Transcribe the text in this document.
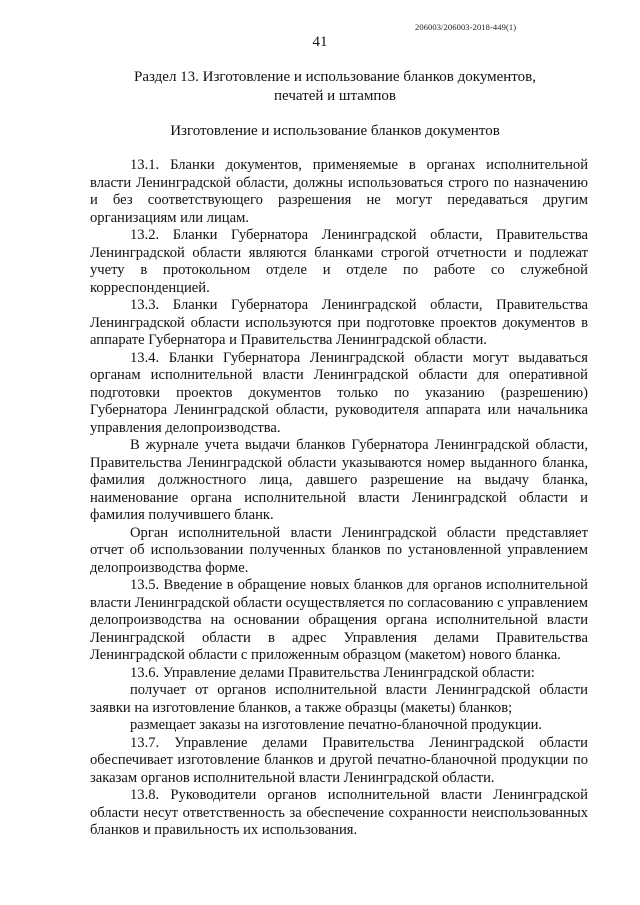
206003/206003-2018-449(1)
41
Раздел 13. Изготовление и использование бланков документов,
печатей и штампов
Изготовление и использование бланков документов

13.1. Бланки документов, применяемые в органах исполнительной власти Ленинградской области, должны использоваться строго по назначению и без соответствующего разрешения не могут передаваться другим организациям или лицам.

13.2. Бланки Губернатора Ленинградской области, Правительства Ленинградской области являются бланками строгой отчетности и подлежат учету в протокольном отделе и отделе по работе со служебной корреспонденцией.

13.3. Бланки Губернатора Ленинградской области, Правительства Ленинградской области используются при подготовке проектов документов в аппарате Губернатора и Правительства Ленинградской области.

13.4. Бланки Губернатора Ленинградской области могут выдаваться органам исполнительной власти Ленинградской области для оперативной подготовки проектов документов только по указанию (разрешению) Губернатора Ленинградской области, руководителя аппарата или начальника управления делопроизводства.

В журнале учета выдачи бланков Губернатора Ленинградской области, Правительства Ленинградской области указываются номер выданного бланка, фамилия должностного лица, давшего разрешение на выдачу бланка, наименование органа исполнительной власти Ленинградской области и фамилия получившего бланк.

Орган исполнительной власти Ленинградской области представляет отчет об использовании полученных бланков по установленной управлением делопроизводства форме.

13.5. Введение в обращение новых бланков для органов исполнительной власти Ленинградской области осуществляется по согласованию с управлением делопроизводства на основании обращения органа исполнительной власти Ленинградской области в адрес Управления делами Правительства Ленинградской области с приложенным образцом (макетом) нового бланка.

13.6. Управление делами Правительства Ленинградской области:

получает от органов исполнительной власти Ленинградской области заявки на изготовление бланков, а также образцы (макеты) бланков;

размещает заказы на изготовление печатно-бланочной продукции.

13.7. Управление делами Правительства Ленинградской области обеспечивает изготовление бланков и другой печатно-бланочной продукции по заказам органов исполнительной власти Ленинградской области.

13.8. Руководители органов исполнительной власти Ленинградской области несут ответственность за обеспечение сохранности неиспользованных бланков и правильность их использования.
